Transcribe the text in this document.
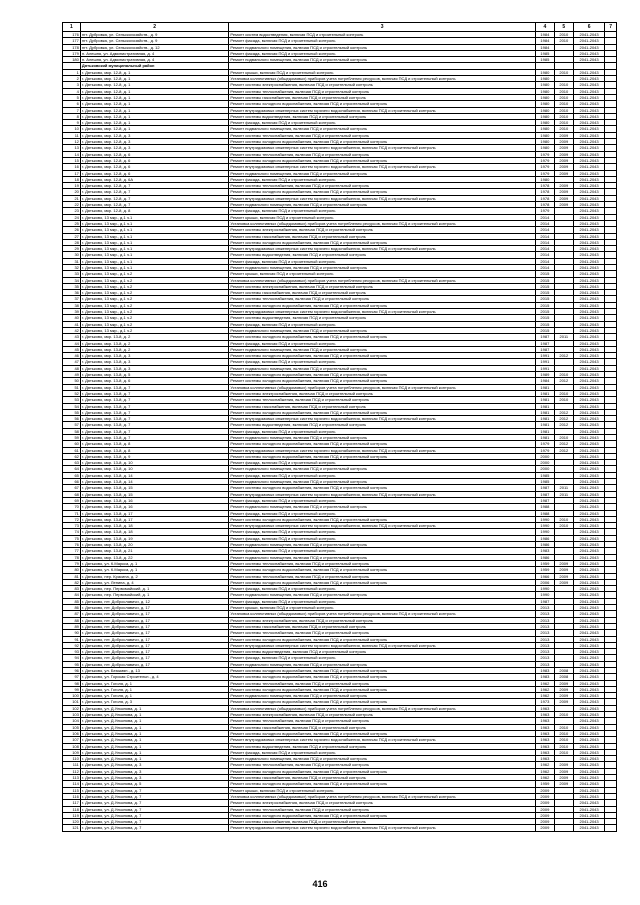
1	2	3	4	5	6	7
176	пгт. Дубровка, ул. Сельскохозяйств., д. 9	Ремонт систем водоотведения, включая ПСД и строительный контроль	1984	2010	2041-2043	
177	пгт. Дубровка, ул. Сельскохозяйств., д. 9	Ремонт фасада, включая ПСД и строительный контроль	1984	2010	2041-2043	
178	пгт. Дубровка, ул. Сельскохозяйств., д. 12	Ремонт подвального помещения, включая ПСД и строительный контроль	1984		2041-2043	
179	п. Алешня, ул. Административная, д. 4	Ремонт фасада, включая ПСД и строительный контроль	1985		2041-2043	
180	п. Алешня, ул. Административная, д. 4	Ремонт подвального помещения, включая ПСД и строительный контроль	1985		2041-2043	
	Дятьковский муниципальный район					
1	г. Дятьково, мкр. 12-й, д. 1	Ремонт крыши, включая ПСД и строительный контроль	1980	2010	2041-2043	
2	г. Дятьково, мкр. 12-й, д. 1	Установка коллективных (общедомовых) приборов учета потребления ресурсов, включая ПСД и строительный контроль	1980		2041-2043	
3	г. Дятьково, мкр. 12-й, д. 1	Ремонт системы электроснабжения, включая ПСД и строительный контроль	1980	2010	2041-2043	
4	г. Дятьково, мкр. 12-й, д. 1	Ремонт системы теплоснабжения, включая ПСД и строительный контроль	1980	2010	2041-2043	
5	г. Дятьково, мкр. 12-й, д. 1	Ремонт системы газоснабжения, включая ПСД и строительный контроль	1980	2010	2041-2043	
6	г. Дятьково, мкр. 12-й, д. 1	Ремонт системы холодного водоснабжения, включая ПСД и строительный контроль	1980	2010	2041-2043	
7	г. Дятьково, мкр. 12-й, д. 1	Ремонт внутридомовых инженерных систем горячего водоснабжения, включая ПСД и строительный контроль	1980	2010	2041-2043	
8	г. Дятьково, мкр. 12-й, д. 1	Ремонт системы водоотведения, включая ПСД и строительный контроль	1980	2010	2041-2043	
9	г. Дятьково, мкр. 12-й, д. 1	Ремонт фасада, включая ПСД и строительный контроль	1980	2010	2041-2043	
10	г. Дятьково, мкр. 12-й, д. 1	Ремонт подвального помещения, включая ПСД и строительный контроль	1980	2010	2041-2043	
11	г. Дятьково, мкр. 12-й, д. 3	Ремонт системы теплоснабжения, включая ПСД и строительный контроль	1980	2009	2041-2043	
12	г. Дятьково, мкр. 12-й, д. 3	Ремонт системы холодного водоснабжения, включая ПСД и строительный контроль	1980	2009	2041-2043	
13	г. Дятьково, мкр. 12-й, д. 3	Ремонт внутридомовых инженерных систем горячего водоснабжения, включая ПСД и строительный контроль	1980	2009	2041-2043	
14	г. Дятьково, мкр. 12-й, д. 6	Ремонт системы теплоснабжения, включая ПСД и строительный контроль	1979	2009	2041-2043	
15	г. Дятьково, мкр. 12-й, д. 6	Ремонт системы холодного водоснабжения, включая ПСД и строительный контроль	1979	2009	2041-2043	
16	г. Дятьково, мкр. 12-й, д. 6	Ремонт внутридомовых инженерных систем горячего водоснабжения, включая ПСД и строительный контроль	1979	2009	2041-2043	
17	г. Дятьково, мкр. 12-й, д. 6	Ремонт подвального помещения, включая ПСД и строительный контроль	1979	2009	2041-2043	
18	г. Дятьково, мкр. 12-й, д. 6А	Ремонт фасада, включая ПСД и строительный контроль	1980		2041-2043	
19	г. Дятьково, мкр. 12-й, д. 7	Ремонт системы теплоснабжения, включая ПСД и строительный контроль	1978	2009	2041-2043	
20	г. Дятьково, мкр. 12-й, д. 7	Ремонт системы холодного водоснабжения, включая ПСД и строительный контроль	1978	2009	2041-2043	
21	г. Дятьково, мкр. 12-й, д. 7	Ремонт внутридомовых инженерных систем горячего водоснабжения, включая ПСД и строительный контроль	1978	2009	2041-2043	
22	г. Дятьково, мкр. 12-й, д. 7	Ремонт подвального помещения, включая ПСД и строительный контроль	1978	2009	2041-2043	
23	г. Дятьково, мкр. 12-й, д. 8	Ремонт фасада, включая ПСД и строительный контроль	1979		2041-2043	
24	г. Дятьково, 13 мкр., д.1 ч.1	Ремонт крыши, включая ПСД и строительный контроль	2014		2041-2043	
25	г. Дятьково, 13 мкр., д.1 ч.1	Установка коллективных (общедомовых) приборов учета потребления ресурсов, включая ПСД и строительный контроль	2014		2041-2043	
26	г. Дятьково, 13 мкр., д.1 ч.1	Ремонт системы электроснабжения, включая ПСД и строительный контроль	2014		2041-2043	
27	г. Дятьково, 13 мкр., д.1 ч.1	Ремонт системы газоснабжения, включая ПСД и строительный контроль	2014		2041-2043	
28	г. Дятьково, 13 мкр., д.1 ч.1	Ремонт системы холодного водоснабжения, включая ПСД и строительный контроль	2014		2041-2043	
29	г. Дятьково, 13 мкр., д.1 ч.1	Ремонт внутридомовых инженерных систем горячего водоснабжения, включая ПСД и строительный контроль	2014		2041-2043	
30	г. Дятьково, 13 мкр., д.1 ч.1	Ремонт системы водоотведения, включая ПСД и строительный контроль	2014		2041-2043	
31	г. Дятьково, 13 мкр., д.1 ч.1	Ремонт фасада, включая ПСД и строительный контроль	2014		2041-2043	
32	г. Дятьково, 13 мкр., д.1 ч.1	Ремонт подвального помещения, включая ПСД и строительный контроль	2014		2041-2043	
33	г. Дятьково, 13 мкр., д.1 ч.2	Ремонт крыши, включая ПСД и строительный контроль	2015		2041-2043	
34	г. Дятьково, 13 мкр., д.1 ч.2	Установка коллективных (общедомовых) приборов учета потребления ресурсов, включая ПСД и строительный контроль	2015		2041-2043	
35	г. Дятьково, 13 мкр., д.1 ч.2	Ремонт системы электроснабжения, включая ПСД и строительный контроль	2015		2041-2043	
36	г. Дятьково, 13 мкр., д.1 ч.2	Ремонт системы газоснабжения, включая ПСД и строительный контроль	2015		2041-2043	
37	г. Дятьково, 13 мкр., д.1 ч.2	Ремонт системы теплоснабжения, включая ПСД и строительный контроль	2015		2041-2043	
38	г. Дятьково, 13 мкр., д.1 ч.2	Ремонт системы холодного водоснабжения, включая ПСД и строительный контроль	2015		2041-2043	
39	г. Дятьково, 13 мкр., д.1 ч.2	Ремонт внутридомовых инженерных систем горячего водоснабжения, включая ПСД и строительный контроль	2015		2041-2043	
40	г. Дятьково, 13 мкр., д.1 ч.2	Ремонт системы водоотведения, включая ПСД и строительный контроль	2015		2041-2043	
41	г. Дятьково, 13 мкр., д.1 ч.2	Ремонт фасада, включая ПСД и строительный контроль	2015		2041-2043	
42	г. Дятьково, 13 мкр., д.1 ч.2	Ремонт подвального помещения, включая ПСД и строительный контроль	2015		2041-2043	
43	г. Дятьково, мкр. 13-й, д. 2	Ремонт системы холодного водоснабжения, включая ПСД и строительный контроль	1987	2011	2041-2043	
44	г. Дятьково, мкр. 13-й, д. 2	Ремонт фасада, включая ПСД и строительный контроль	1987		2041-2043	
45	г. Дятьково, мкр. 13-й, д. 2	Ремонт подвального помещения, включая ПСД и строительный контроль	1987		2041-2043	
46	г. Дятьково, мкр. 13-й, д. 3	Ремонт системы холодного водоснабжения, включая ПСД и строительный контроль	1991	2012	2041-2043	
47	г. Дятьково, мкр. 13-й, д. 3	Ремонт фасада, включая ПСД и строительный контроль	1991		2041-2043	
48	г. Дятьково, мкр. 13-й, д. 3	Ремонт подвального помещения, включая ПСД и строительный контроль	1991		2041-2043	
49	г. Дятьково, мкр. 13-й, д. 5	Ремонт системы холодного водоснабжения, включая ПСД и строительный контроль	1989	2010	2041-2043	
50	г. Дятьково, мкр. 13-й, д. 6	Ремонт системы холодного водоснабжения, включая ПСД и строительный контроль	1984	2012	2041-2043	
51	г. Дятьково, мкр. 13-й, д. 7	Установка коллективных (общедомовых) приборов учета потребления ресурсов, включая ПСД и строительный контроль	1981		2041-2043	
52	г. Дятьково, мкр. 13-й, д. 7	Ремонт системы электроснабжения, включая ПСД и строительный контроль	1981	2010	2041-2043	
53	г. Дятьково, мкр. 13-й, д. 7	Ремонт системы теплоснабжения, включая ПСД и строительный контроль	1981	2010	2041-2043	
54	г. Дятьково, мкр. 13-й, д. 7	Ремонт системы газоснабжения, включая ПСД и строительный контроль	1981		2041-2043	
55	г. Дятьково, мкр. 13-й, д. 7	Ремонт системы холодного водоснабжения, включая ПСД и строительный контроль	1981	2012	2041-2043	
56	г. Дятьково, мкр. 13-й, д. 7	Ремонт внутридомовых инженерных систем горячего водоснабжения, включая ПСД и строительный контроль	1981	2012	2041-2043	
57	г. Дятьково, мкр. 13-й, д. 7	Ремонт системы водоотведения, включая ПСД и строительный контроль	1981	2012	2041-2043	
58	г. Дятьково, мкр. 13-й, д. 7	Ремонт фасада, включая ПСД и строительный контроль	1981		2041-2043	
59	г. Дятьково, мкр. 13-й, д. 7	Ремонт подвального помещения, включая ПСД и строительный контроль	1981	2010	2041-2043	
60	г. Дятьково, мкр. 13-й, д. 8	Ремонт системы холодного водоснабжения, включая ПСД и строительный контроль	1979	2012	2041-2043	
61	г. Дятьково, мкр. 13-й, д. 8	Ремонт внутридомовых инженерных систем горячего водоснабжения, включая ПСД и строительный контроль	1979	2012	2041-2043	
62	г. Дятьково, мкр. 13-й, д. 9	Ремонт системы холодного водоснабжения, включая ПСД и строительный контроль	2000		2041-2043	
63	г. Дятьково, мкр. 13-й, д. 10	Ремонт фасада, включая ПСД и строительный контроль	2000		2041-2043	
64	г. Дятьково, мкр. 13-й, д. 10	Ремонт подвального помещения, включая ПСД и строительный контроль	2000		2041-2043	
65	г. Дятьково, мкр. 13-й, д. 14	Ремонт фасада, включая ПСД и строительный контроль	1985		2041-2043	
66	г. Дятьково, мкр. 13-й, д. 14	Ремонт подвального помещения, включая ПСД и строительный контроль	1985		2041-2043	
67	г. Дятьково, мкр. 13-й, д. 15	Ремонт системы холодного водоснабжения, включая ПСД и строительный контроль	1987	2011	2041-2043	
68	г. Дятьково, мкр. 13-й, д. 15	Ремонт внутридомовых инженерных систем горячего водоснабжения, включая ПСД и строительный контроль	1987	2011	2041-2043	
69	г. Дятьково, мкр. 13-й, д. 16	Ремонт фасада, включая ПСД и строительный контроль	1987		2041-2043	
70	г. Дятьково, мкр. 13-й, д. 16	Ремонт подвального помещения, включая ПСД и строительный контроль	1988		2041-2043	
71	г. Дятьково, мкр. 13-й, д. 17	Ремонт фасада, включая ПСД и строительный контроль	1988		2041-2043	
72	г. Дятьково, мкр. 13-й, д. 17	Ремонт системы холодного водоснабжения, включая ПСД и строительный контроль	1990	2010	2041-2043	
73	г. Дятьково, мкр. 13-й, д. 18	Ремонт внутридомовых инженерных систем горячего водоснабжения, включая ПСД и строительный контроль	1990	2010	2041-2043	
74	г. Дятьково, мкр. 13-й, д. 18	Ремонт фасада, включая ПСД и строительный контроль	1990		2041-2043	
75	г. Дятьково, мкр. 13-й, д. 19	Ремонт фасада, включая ПСД и строительный контроль	1986		2041-2043	
76	г. Дятьково, мкр. 13-й, д. 20	Ремонт подвального помещения, включая ПСД и строительный контроль	1986		2041-2043	
77	г. Дятьково, мкр. 13-й, д. 21	Ремонт фасада, включая ПСД и строительный контроль	1983		2041-2043	
78	г. Дятьково, мкр. 13-й, д. 22	Ремонт подвального помещения, включая ПСД и строительный контроль	1986		2041-2043	
79	г. Дятьково, ул. К.Маркса, д. 1	Ремонт системы теплоснабжения, включая ПСД и строительный контроль	1959	2009	2041-2043	
80	г. Дятьково, ул. К.Маркса, д. 1	Ремонт системы холодного водоснабжения, включая ПСД и строительный контроль	1959	2009	2041-2043	
81	г. Дятьково, пер. Красина, д. 2	Ремонт системы теплоснабжения, включая ПСД и строительный контроль	1966	2009	2041-2043	
82	г. Дятьково, ул. Ленина, д. 4	Ремонт системы холодного водоснабжения, включая ПСД и строительный контроль	2006	2009	2041-2043	
83	г. Дятьково, пер. Первомайский, д. 1	Ремонт фасада, включая ПСД и строительный контроль	1990		2041-2043	
84	г. Дятьково, пер. Первомайский, д. 1	Ремонт подвального помещения, включая ПСД и строительный контроль	1990		2041-2043	
85	г. Дятьково, пгт. Доброславичи, д. 12	Ремонт фасада, включая ПСД и строительный контроль	1987		2041-2043	
86	г. Дятьково, пгт. Доброславичи, д. 17	Ремонт крыши, включая ПСД и строительный контроль	2013		2041-2043	
87	г. Дятьково, пгт. Доброславичи, д. 17	Установка коллективных (общедомовых) приборов учета потребления ресурсов, включая ПСД и строительный контроль	2013		2041-2043	
88	г. Дятьково, пгт. Доброславичи, д. 17	Ремонт системы электроснабжения, включая ПСД и строительный контроль	2013		2041-2043	
89	г. Дятьково, пгт. Доброславичи, д. 17	Ремонт системы газоснабжения, включая ПСД и строительный контроль	2013		2041-2043	
90	г. Дятьково, пгт. Доброславичи, д. 17	Ремонт системы теплоснабжения, включая ПСД и строительный контроль	2013		2041-2043	
91	г. Дятьково, пгт. Доброславичи, д. 17	Ремонт системы холодного водоснабжения, включая ПСД и строительный контроль	2013		2041-2043	
92	г. Дятьково, пгт. Доброславичи, д. 17	Ремонт внутридомовых инженерных систем горячего водоснабжения, включая ПСД и строительный контроль	2013		2041-2043	
93	г. Дятьково, пгт. Доброславичи, д. 17	Ремонт системы водоотведения, включая ПСД и строительный контроль	2013		2041-2043	
94	г. Дятьково, пгт. Доброславичи, д. 17	Ремонт фасада, включая ПСД и строительный контроль	2013		2041-2043	
95	г. Дятьково, пгт. Доброславичи, д. 17	Ремонт подвального помещения, включая ПСД и строительный контроль	2013		2041-2043	
96	г. Дятьково, ул. Безымян., д. 13	Ремонт системы холодного водоснабжения, включая ПСД и строительный контроль	1983	2008	2041-2043	
97	г. Дятьково, ул. Горская Строительн., д. 4	Ремонт системы холодного водоснабжения, включая ПСД и строительный контроль	1983	2008	2041-2043	
98	г. Дятьково, ул. Гоголя, д. 1	Ремонт системы теплоснабжения, включая ПСД и строительный контроль	1962	2009	2041-2043	
99	г. Дятьково, ул. Гоголя, д. 1	Ремонт системы холодного водоснабжения, включая ПСД и строительный контроль	1962	2009	2041-2043	
100	г. Дятьково, ул. Гоголя, д. 1	Ремонт подвального помещения, включая ПСД и строительный контроль	1962	2009	2041-2043	
101	г. Дятьково, ул. Гоголя, д. 3	Ремонт системы холодного водоснабжения, включая ПСД и строительный контроль	1973	2009	2041-2043	
102	г. Дятьково, ул. Д.Ульянова, д. 1	Установка коллективных (общедомовых) приборов учета потребления ресурсов, включая ПСД и строительный контроль	1963		2041-2043	
103	г. Дятьково, ул. Д.Ульянова, д. 1	Ремонт системы электроснабжения, включая ПСД и строительный контроль	1963	2010	2041-2043	
104	г. Дятьково, ул. Д.Ульянова, д. 1	Ремонт системы теплоснабжения, включая ПСД и строительный контроль	1963		2041-2043	
105	г. Дятьково, ул. Д.Ульянова, д. 1	Ремонт системы газоснабжения, включая ПСД и строительный контроль	1963	2010	2041-2043	
106	г. Дятьково, ул. Д.Ульянова, д. 1	Ремонт системы холодного водоснабжения, включая ПСД и строительный контроль	1963	2010	2041-2043	
107	г. Дятьково, ул. Д.Ульянова, д. 1	Ремонт внутридомовых инженерных систем горячего водоснабжения, включая ПСД и строительный контроль	1963	2010	2041-2043	
108	г. Дятьково, ул. Д.Ульянова, д. 1	Ремонт системы водоотведения, включая ПСД и строительный контроль	1963	2010	2041-2043	
109	г. Дятьково, ул. Д.Ульянова, д. 1	Ремонт фасада, включая ПСД и строительный контроль	1963	2010	2041-2043	
110	г. Дятьково, ул. Д.Ульянова, д. 1	Ремонт подвального помещения, включая ПСД и строительный контроль	1963		2041-2043	
111	г. Дятьково, ул. Д.Ульянова, д. 3	Ремонт системы теплоснабжения, включая ПСД и строительный контроль	1962	2009	2041-2043	
112	г. Дятьково, ул. Д.Ульянова, д. 3	Ремонт системы холодного водоснабжения, включая ПСД и строительный контроль	1962	2009	2041-2043	
113	г. Дятьково, ул. Д.Ульянова, д. 3	Ремонт системы газоснабжения, включая ПСД и строительный контроль	1962	2009	2041-2043	
114	г. Дятьково, ул. Д.Ульянова, д. 5	Ремонт системы холодного водоснабжения, включая ПСД и строительный контроль	1959	2009	2041-2043	
115	г. Дятьково, ул. Д.Ульянова, д. 7	Ремонт крыши, включая ПСД и строительный контроль	2009		2041-2043	
116	г. Дятьково, ул. Д.Ульянова, д. 7	Установка коллективных (общедомовых) приборов учета потребления ресурсов, включая ПСД и строительный контроль	2009		2041-2043	
117	г. Дятьково, ул. Д.Ульянова, д. 7	Ремонт системы электроснабжения, включая ПСД и строительный контроль	2009		2041-2043	
118	г. Дятьково, ул. Д.Ульянова, д. 7	Ремонт системы теплоснабжения, включая ПСД и строительный контроль	2009		2041-2043	
119	г. Дятьково, ул. Д.Ульянова, д. 7	Ремонт системы холодного водоснабжения, включая ПСД и строительный контроль	2009		2041-2043	
120	г. Дятьково, ул. Д.Ульянова, д. 7	Ремонт системы газоснабжения, включая ПСД и строительный контроль	2009		2041-2043	
121	г. Дятьково, ул. Д.Ульянова, д. 7	Ремонт внутридомовых инженерных систем горячего водоснабжения, включая ПСД и строительный контроль	2009		2041-2043	
416
